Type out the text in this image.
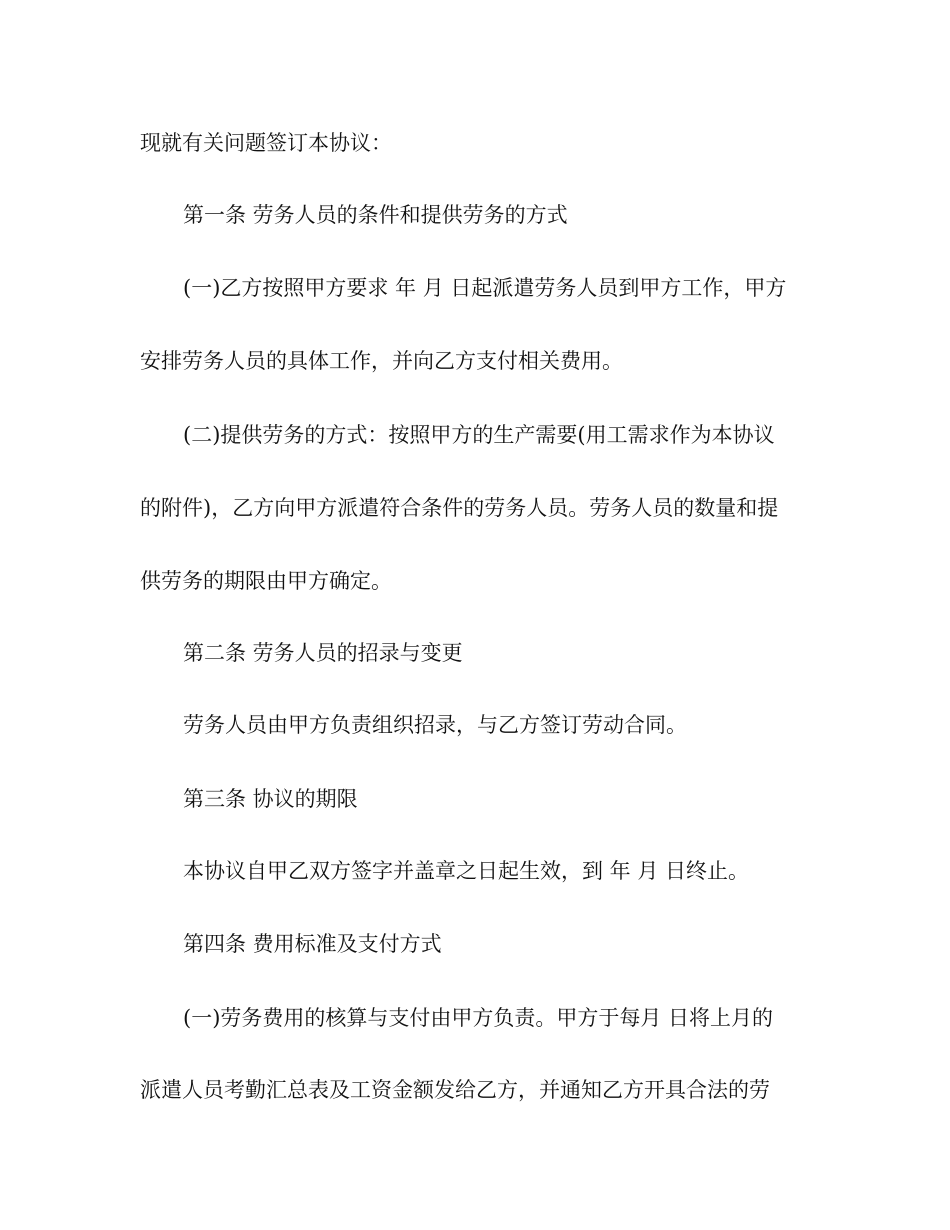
现就有关问题签订本协议：

第一条 劳务人员的条件和提供劳务的方式

(一)乙方按照甲方要求 年 月 日起派遣劳务人员到甲方工作，甲方

安排劳务人员的具体工作，并向乙方支付相关费用。

(二)提供劳务的方式：按照甲方的生产需要(用工需求作为本协议

的附件)，乙方向甲方派遣符合条件的劳务人员。劳务人员的数量和提

供劳务的期限由甲方确定。

第二条 劳务人员的招录与变更

劳务人员由甲方负责组织招录，与乙方签订劳动合同。

第三条 协议的期限

本协议自甲乙双方签字并盖章之日起生效，到 年 月 日终止。

第四条 费用标准及支付方式

(一)劳务费用的核算与支付由甲方负责。甲方于每月 日将上月的

派遣人员考勤汇总表及工资金额发给乙方，并通知乙方开具合法的劳
